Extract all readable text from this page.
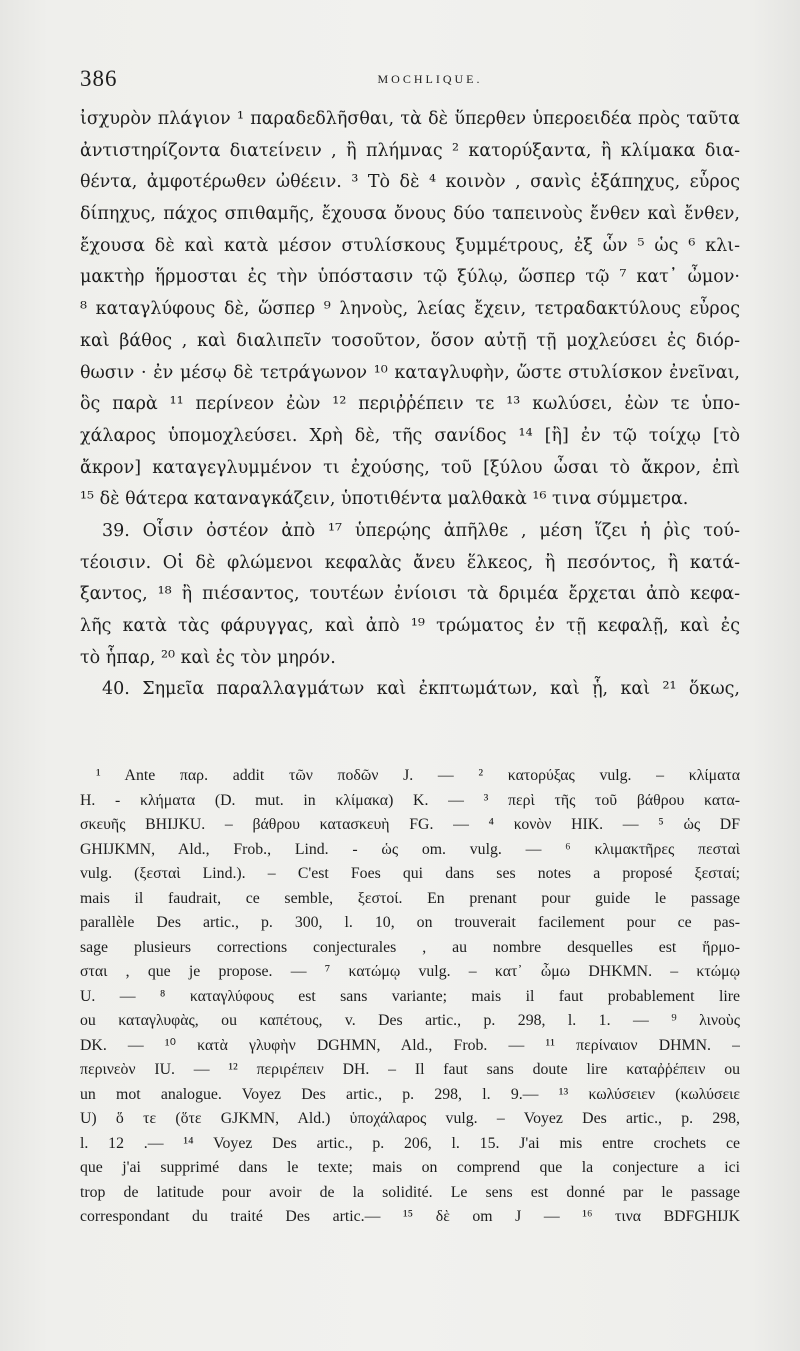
386	MOCHLIQUE.
ἰσχυρὸν πλάγιον ¹ παραδεδλῆσθαι, τὰ δὲ ὕπερθεν ὑπεροειδέα πρὸς ταῦτα
ἀντιστηρίζοντα διατείνειν , ἢ πλήμνας ² κατορύξαντα, ἢ κλίμακα δια-
θέντα, ἀμφοτέρωθεν ὠθέειν. ³ Τὸ δὲ ⁴ κοινὸν , σανὶς ἑξάπηχυς, εὖρος
δίπηχυς, πάχος σπιθαμῆς, ἔχουσα ὄνους δύο ταπεινοὺς ἔνθεν καὶ ἔνθεν,
ἔχουσα δὲ καὶ κατὰ μέσον στυλίσκους ξυμμέτρους, ἐξ ὧν ⁵ ὡς ⁶ κλι-
μακτὴρ ἥρμοσται ἐς τὴν ὑπόστασιν τῷ ξύλῳ, ὥσπερ τῷ ⁷ κατ᾽ ὦμον·
⁸ καταγλύφους δὲ, ὥσπερ ⁹ ληνοὺς, λείας ἔχειν, τετραδακτύλους εὖρος
καὶ βάθος , καὶ διαλιπεῖν τοσοῦτον, ὅσον αὐτῇ τῇ μοχλεύσει ἐς διόρ-
θωσιν · ἐν μέσῳ δὲ τετράγωνον ¹⁰ καταγλυφὴν, ὥστε στυλίσκον ἐνεῖναι,
ὃς παρὰ ¹¹ περίνεον ἐὼν ¹² περιῤῥέπειν τε ¹³ κωλύσει, ἐὼν τε ὑπο-
χάλαρος ὑπομοχλεύσει. Χρὴ δὲ, τῆς σανίδος ¹⁴ [ἢ] ἐν τῷ τοίχῳ [τὸ
ἄκρον] καταγεγλυμμένον τι ἐχούσης, τοῦ [ξύλου ὦσαι τὸ ἄκρον, ἐπὶ
¹⁵ δὲ θάτερα καταναγκάζειν, ὑποτιθέντα μαλθακὰ ¹⁶ τινα σύμμετρα.
39. Οἷσιν ὀστέον ἀπὸ ¹⁷ ὑπερῴης ἀπῆλθε , μέση ἵζει ἡ ῥὶς τού-
τέοισιν. Οἱ δὲ φλώμενοι κεφαλὰς ἄνευ ἕλκεος, ἢ πεσόντος, ἢ κατά-
ξαντος, ¹⁸ ἢ πιέσαντος, τουτέων ἐνίοισι τὰ δριμέα ἔρχεται ἀπὸ κεφα-
λῆς κατὰ τὰς φάρυγγας, καὶ ἀπὸ ¹⁹ τρώματος ἐν τῇ κεφαλῇ, καὶ ἐς
τὸ ἧπαρ, ²⁰ καὶ ἐς τὸν μηρόν.
40. Σημεῖα παραλλαγμάτων καὶ ἐκπτωμάτων, καὶ ᾗ, καὶ ²¹ ὅκως,
¹ Ante παρ. addit τῶν ποδῶν J. — ² κατορύξας vulg. – κλίματα
H. - κλήματα (D. mut. in κλίμακα) K. — ³ περὶ τῆς τοῦ βάθρου κατα-
σκευῆς BHIJKU. – βάθρου κατασκευὴ FG. — ⁴ κονὸν HIK. — ⁵ ὡς DF
GHIJKMN, Ald., Frob., Lind. - ὡς om. vulg. — ⁶ κλιμακτῆρες πεσταὶ
vulg. (ξεσταὶ Lind.). – C'est Foes qui dans ses notes a proposé ξεσταί;
mais il faudrait, ce semble, ξεστοί. En prenant pour guide le passage
parallèle Des artic., p. 300, l. 10, on trouverait facilement pour ce pas-
sage plusieurs corrections conjecturales , au nombre desquelles est ἥρμο-
σται , que je propose. — ⁷ κατώμῳ vulg. – κατ᾽ ὦμω DHKMN. – κτώμῳ
U. — ⁸ καταγλύφους est sans variante; mais il faut probablement lire
ou καταγλυφὰς, ou καπέτους, v. Des artic., p. 298, l. 1. — ⁹ λινοὺς
DK. — ¹⁰ κατὰ γλυφὴν DGHMN, Ald., Frob. — ¹¹ περίναιον DHMN. –
περινεὸν IU. — ¹² περιρέπειν DH. – Il faut sans doute lire καταῤῥέπειν ou
un mot analogue. Voyez Des artic., p. 298, l. 9.— ¹³ κωλύσειεν (κωλύσειε
U) ὅ τε (ὅτε GJKMN, Ald.) ὑποχάλαρος vulg. – Voyez Des artic., p. 298,
l. 12 .— ¹⁴ Voyez Des artic., p. 206, l. 15. J'ai mis entre crochets ce
que j'ai supprimé dans le texte; mais on comprend que la conjecture a ici
trop de latitude pour avoir de la solidité. Le sens est donné par le passage
correspondant du traité Des artic.— ¹⁵ δὲ om J — ¹⁶ τινα BDFGHIJK
